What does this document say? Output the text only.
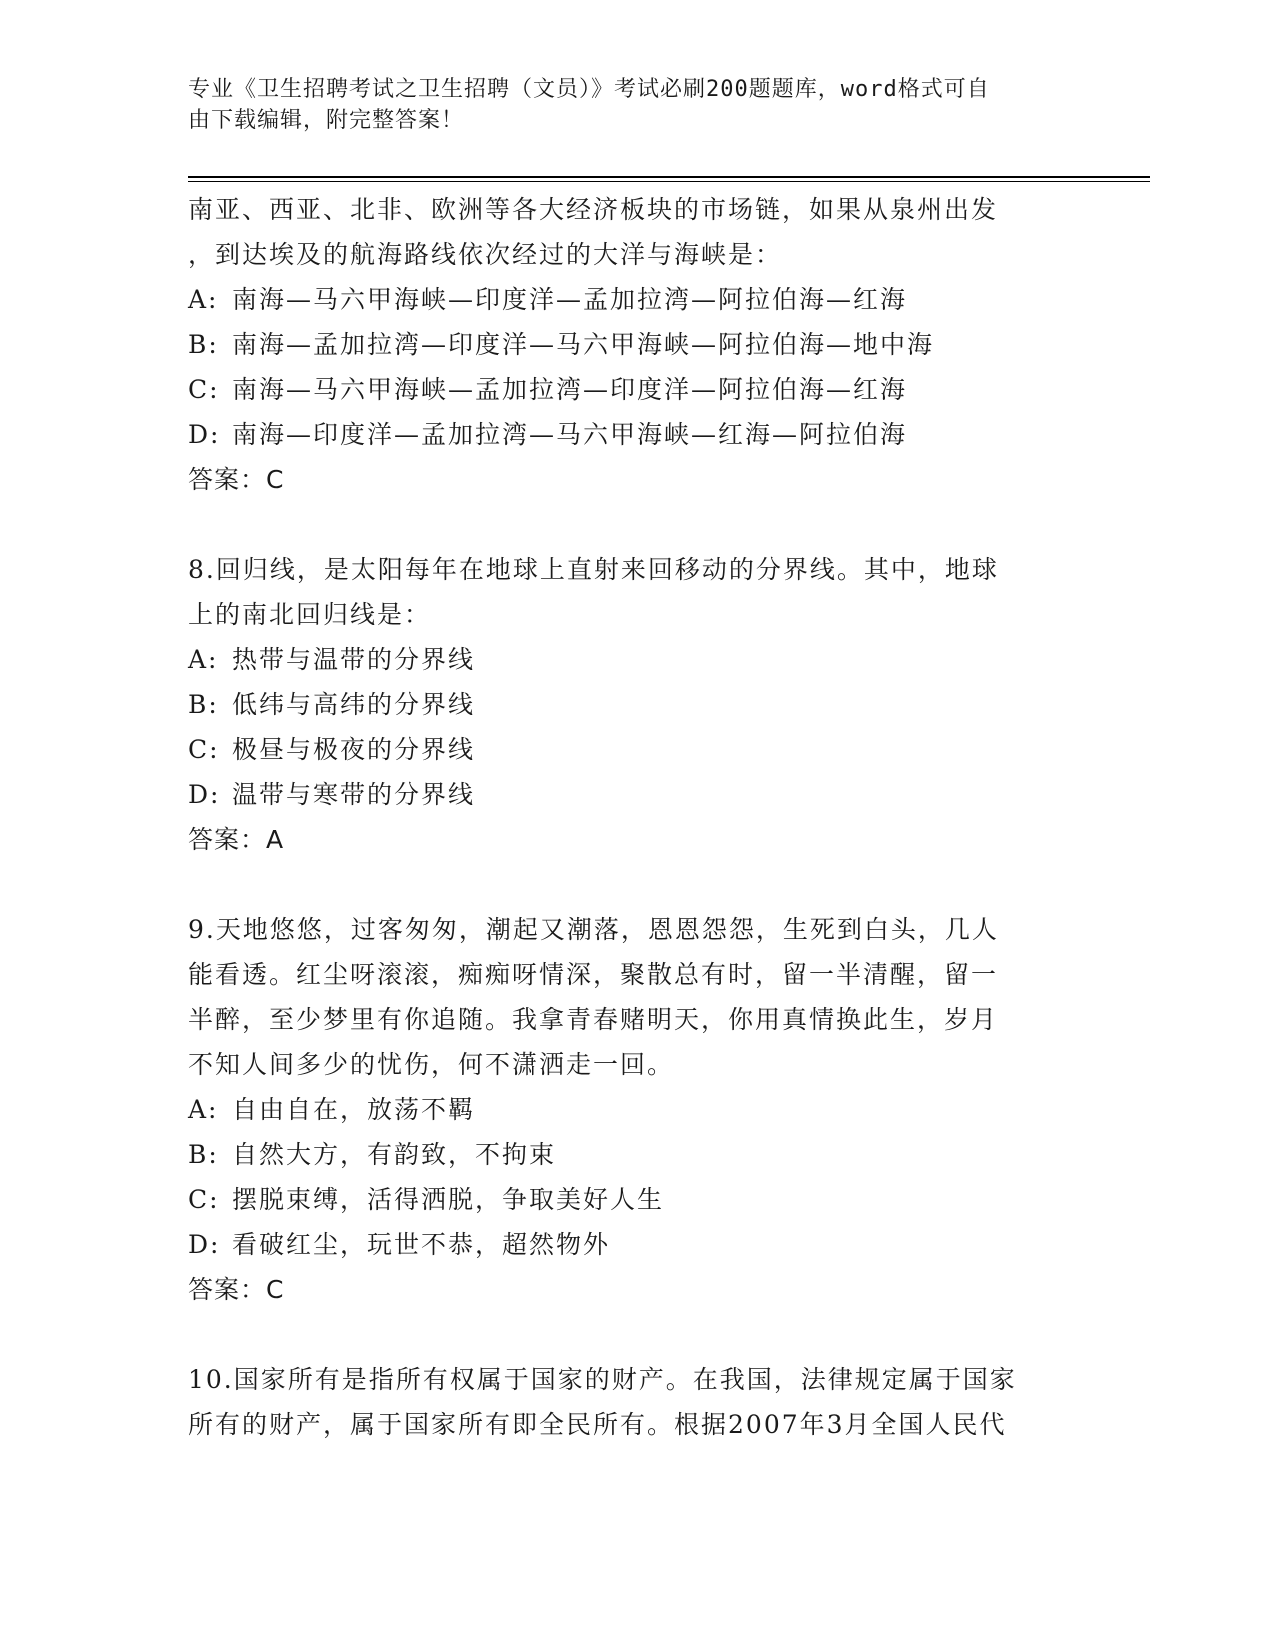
专业《卫生招聘考试之卫生招聘（文员）》考试必刷200题题库，word格式可自
由下载编辑，附完整答案！
南亚、西亚、北非、欧洲等各大经济板块的市场链，如果从泉州出发
，到达埃及的航海路线依次经过的大洋与海峡是：
A: 南海—马六甲海峡—印度洋—孟加拉湾—阿拉伯海—红海
B: 南海—孟加拉湾—印度洋—马六甲海峡—阿拉伯海—地中海
C: 南海—马六甲海峡—孟加拉湾—印度洋—阿拉伯海—红海
D: 南海—印度洋—孟加拉湾—马六甲海峡—红海—阿拉伯海
答案：C
8.回归线，是太阳每年在地球上直射来回移动的分界线。其中，地球
上的南北回归线是：
A: 热带与温带的分界线
B: 低纬与高纬的分界线
C: 极昼与极夜的分界线
D: 温带与寒带的分界线
答案：A
9.天地悠悠，过客匆匆，潮起又潮落，恩恩怨怨，生死到白头，几人
能看透。红尘呀滚滚，痴痴呀情深，聚散总有时，留一半清醒，留一
半醉，至少梦里有你追随。我拿青春赌明天，你用真情换此生，岁月
不知人间多少的忧伤，何不潇洒走一回。
A: 自由自在，放荡不羁
B: 自然大方，有韵致，不拘束
C: 摆脱束缚，活得洒脱，争取美好人生
D: 看破红尘，玩世不恭，超然物外
答案：C
10.国家所有是指所有权属于国家的财产。在我国，法律规定属于国家
所有的财产，属于国家所有即全民所有。根据2007年3月全国人民代
